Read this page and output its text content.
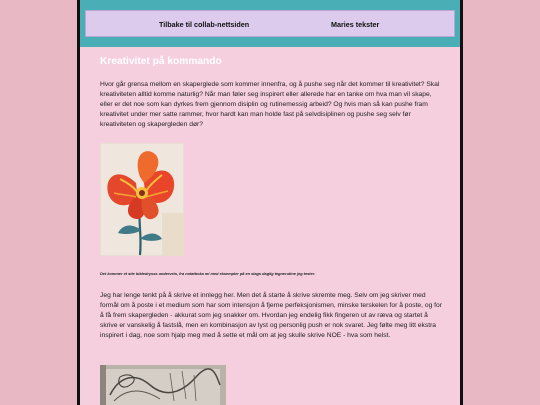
Tilbake til collab-nettsiden	Maries tekster
Kreativitet på kommando

Hvor går grensa mellom en skaperglede som kommer innenfra, og å pushe seg når det kommer til kreativitet? Skal kreativiteten alltid komme naturlig? Når man føler seg inspirert eller allerede har en tanke om hva man vil skape, eller er det noe som kan dyrkes frem gjennom disiplin og rutinemessig arbeid? Og hvis man så kan pushe fram kreativitet under mer satte rammer, hvor hardt kan man holde fast på selvdisiplinen og pushe seg selv før kreativiteten og skapergleden dør?

Det kommer et site bildedrysss underveis, fra notatboka mi med eksempler på en slags daglig tegnerutine jeg tester.

Jeg har lenge tenkt på å skrive et innlegg her. Men det å starte å skrive skremte meg. Selv om jeg skriver med formål om å poste i et medium som har som intensjon å fjerne perfeksjonismen, minske terskelen for å poste, og for å få frem skapergleden - akkurat som jeg snakker om. Hvordan jeg endelig fikk fingeren ut av ræva og startet å skrive er vanskelig å fastslå, men en kombinasjon av lyst og personlig push er nok svaret. Jeg følte meg litt ekstra inspirert i dag, noe som hjalp meg med å sette et mål om at jeg skulle skrive NOE - hva som helst.
